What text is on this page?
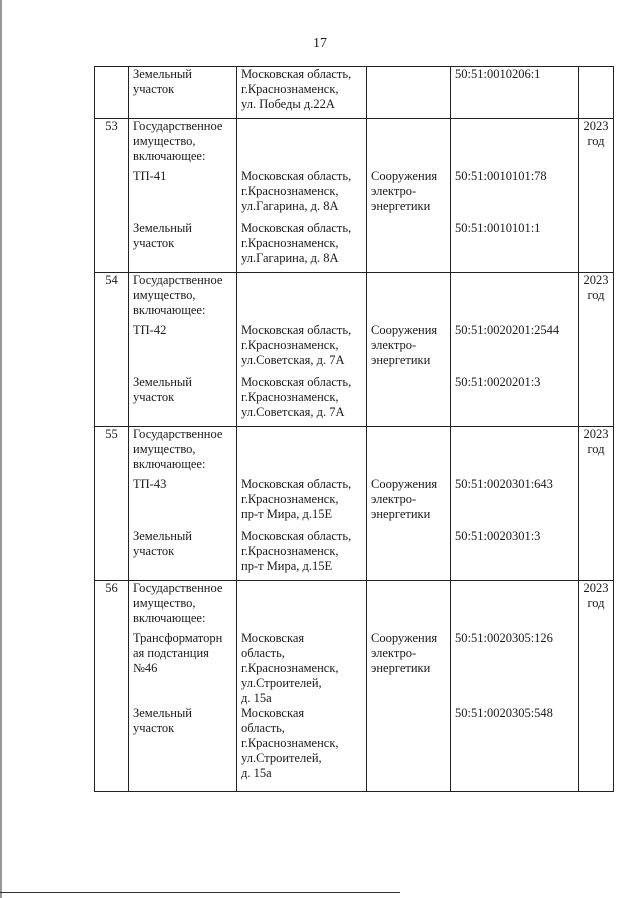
17

	Земельный
участок	Московская область,
г.Краснознаменск,
ул. Победы д.22А		50:51:0010206:1	

53	Государственное
имущество,
включающее:				2023
год

	ТП-41	Московская область,
г.Краснознаменск,
ул.Гагарина, д. 8А	Сооружения
электро-
энергетики	50:51:0010101:78	

	Земельный
участок	Московская область,
г.Краснознаменск,
ул.Гагарина, д. 8А		50:51:0010101:1	

54	Государственное
имущество,
включающее:				2023
год

	ТП-42	Московская область,
г.Краснознаменск,
ул.Советская, д. 7А	Сооружения
электро-
энергетики	50:51:0020201:2544	

	Земельный
участок	Московская область,
г.Краснознаменск,
ул.Советская, д. 7А		50:51:0020201:3	

55	Государственное
имущество,
включающее:				2023
год

	ТП-43	Московская область,
г.Краснознаменск,
пр-т Мира, д.15Е	Сооружения
электро-
энергетики	50:51:0020301:643	

	Земельный
участок	Московская область,
г.Краснознаменск,
пр-т Мира, д.15Е		50:51:0020301:3	

56	Государственное
имущество,
включающее:				2023
год

	Трансформаторн
ая подстанция
№46	Московская
область,
г.Краснознаменск,
ул.Строителей,
д. 15а	Сооружения
электро-
энергетики	50:51:0020305:126	

	Земельный
участок	Московская
область,
г.Краснознаменск,
ул.Строителей,
д. 15а		50:51:0020305:548	
